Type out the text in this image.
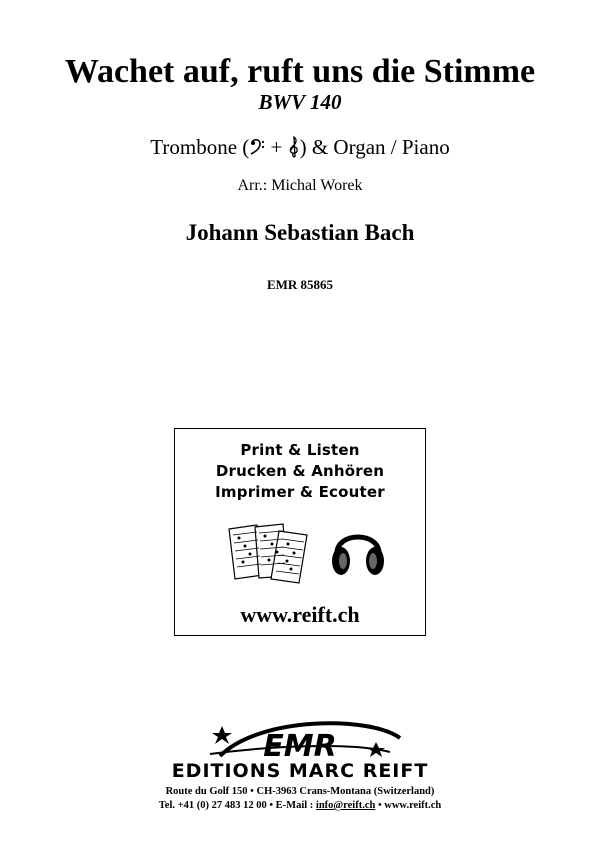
Wachet auf, ruft uns die Stimme
BWV 140
Trombone ( + ) & Organ / Piano
Arr.: Michal Worek
Johann Sebastian Bach
EMR 85865
Print & Listen
Drucken & Anhören
Imprimer & Ecouter
www.reift.ch
EMR
EDITIONS MARC REIFT
Route du Golf 150 • CH-3963 Crans-Montana (Switzerland)
Tel. +41 (0) 27 483 12 00 • E-Mail : info@reift.ch • www.reift.ch
